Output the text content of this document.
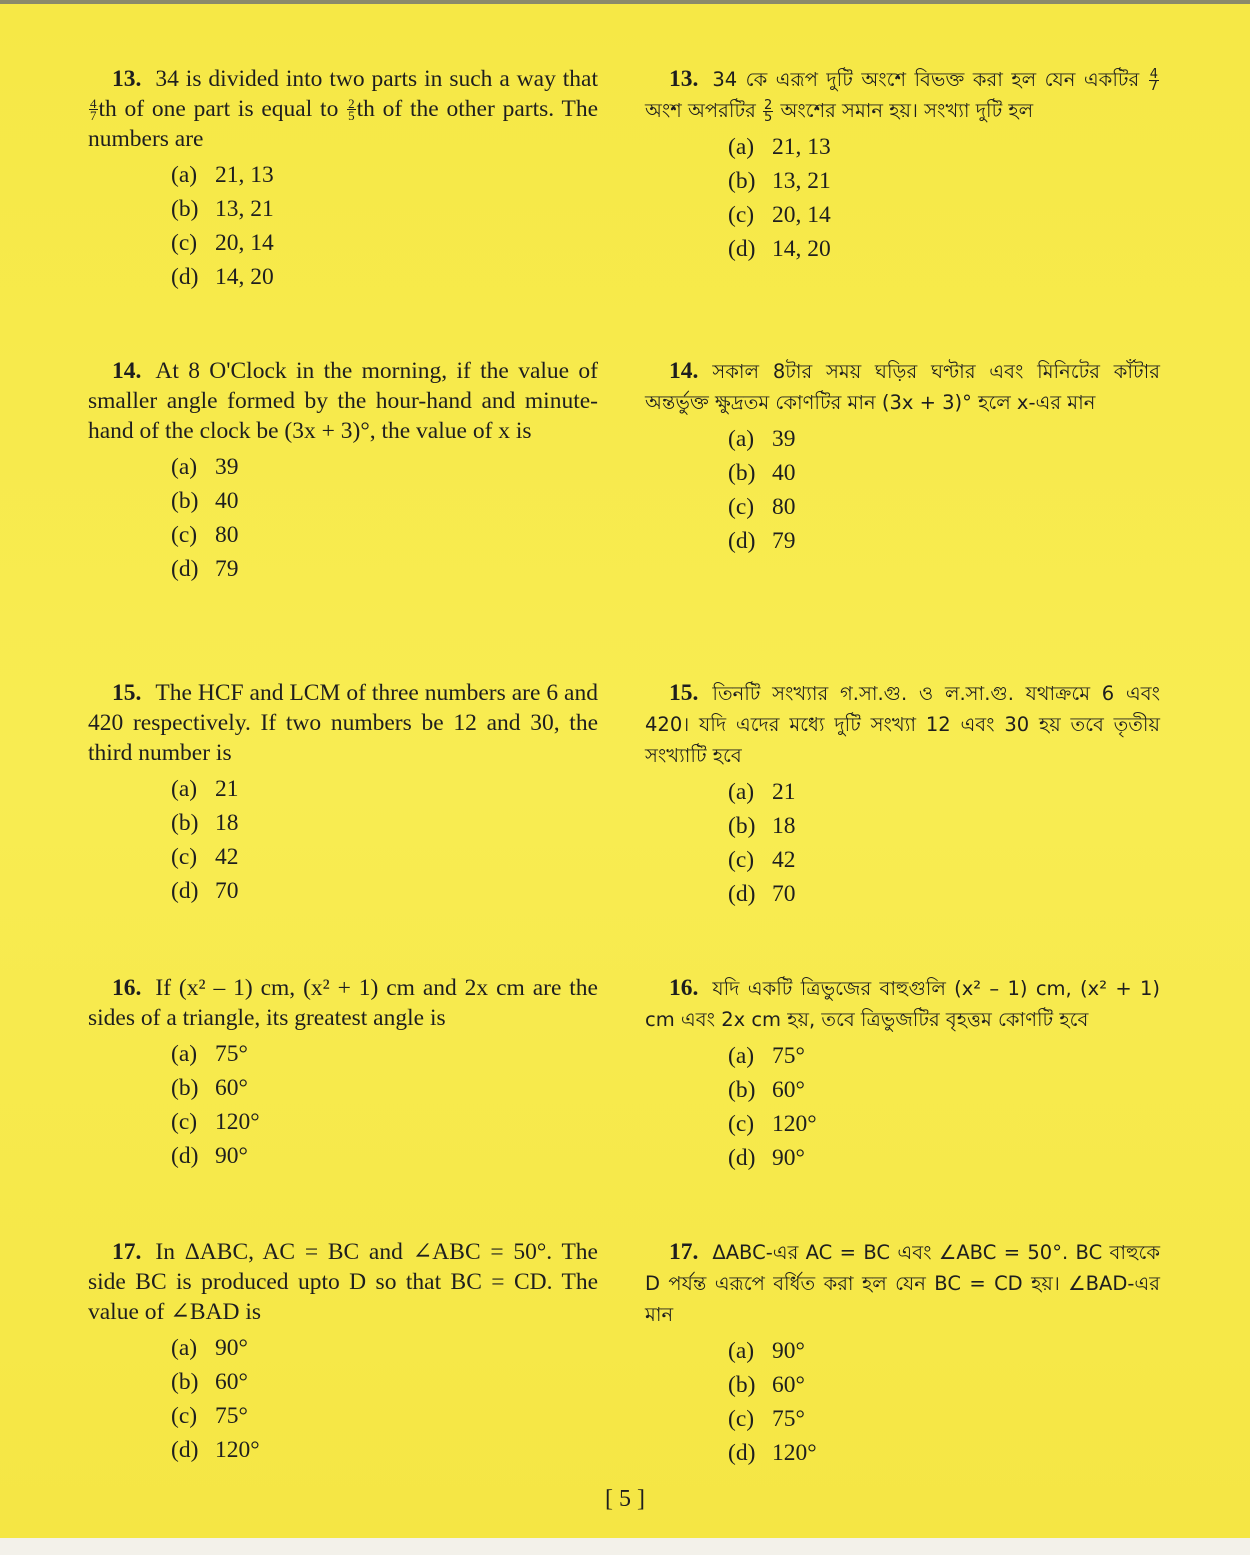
13. 34 is divided into two parts in such a way that
$\frac{4}{7}$ th of one part is equal to $\frac{2}{5}$ th of the other parts. The numbers are

(a) 21, 13
(b) 13, 21
(c) 20, 14
(d) 14, 20

14. At 8 O'Clock in the morning, if the value of smaller angle formed by the hour-hand and minute-hand of the clock be (3x + 3)°, the value of x is

(a) 39
(b) 40
(c) 80
(d) 79

15. The HCF and LCM of three numbers are 6 and 420 respectively. If two numbers be 12 and 30, the third number is

(a) 21
(b) 18
(c) 42
(d) 70

16. If (x² – 1) cm, (x² + 1) cm and 2x cm are the sides of a triangle, its greatest angle is

(a) 75°
(b) 60°
(c) 120°
(d) 90°

17. In ΔABC, AC = BC and ∠ABC = 50°. The side BC is produced upto D so that BC = CD. The value of ∠BAD is

(a) 90°
(b) 60°
(c) 75°
(d) 120°

13. 34 কে এরূপ দুটি অংশে বিভক্ত করা হল যেন একটির $\frac{4}{7}$
অংশ অপরটির $\frac{2}{5}$ অংশের সমান হয়। সংখ্যা দুটি হল

(a) 21, 13
(b) 13, 21
(c) 20, 14
(d) 14, 20

14. সকাল 8টার সময় ঘড়ির ঘণ্টার এবং মিনিটের কাঁটার অন্তর্ভুক্ত ক্ষুদ্রতম কোণটির মান (3x + 3)° হলে x-এর মান

(a) 39
(b) 40
(c) 80
(d) 79

15. তিনটি সংখ্যার গ.সা.গু. ও ল.সা.গু. যথাক্রমে 6 এবং 420। যদি এদের মধ্যে দুটি সংখ্যা 12 এবং 30 হয় তবে তৃতীয় সংখ্যাটি হবে

(a) 21
(b) 18
(c) 42
(d) 70

16. যদি একটি ত্রিভুজের বাহুগুলি (x² – 1) cm, (x² + 1) cm এবং 2x cm হয়, তবে ত্রিভুজটির বৃহত্তম কোণটি হবে

(a) 75°
(b) 60°
(c) 120°
(d) 90°

17. ΔABC-এর AC = BC এবং ∠ABC = 50°. BC বাহুকে D পর্যন্ত এরূপে বর্ধিত করা হল যেন BC = CD হয়। ∠BAD-এর মান

(a) 90°
(b) 60°
(c) 75°
(d) 120°
[ 5 ]
